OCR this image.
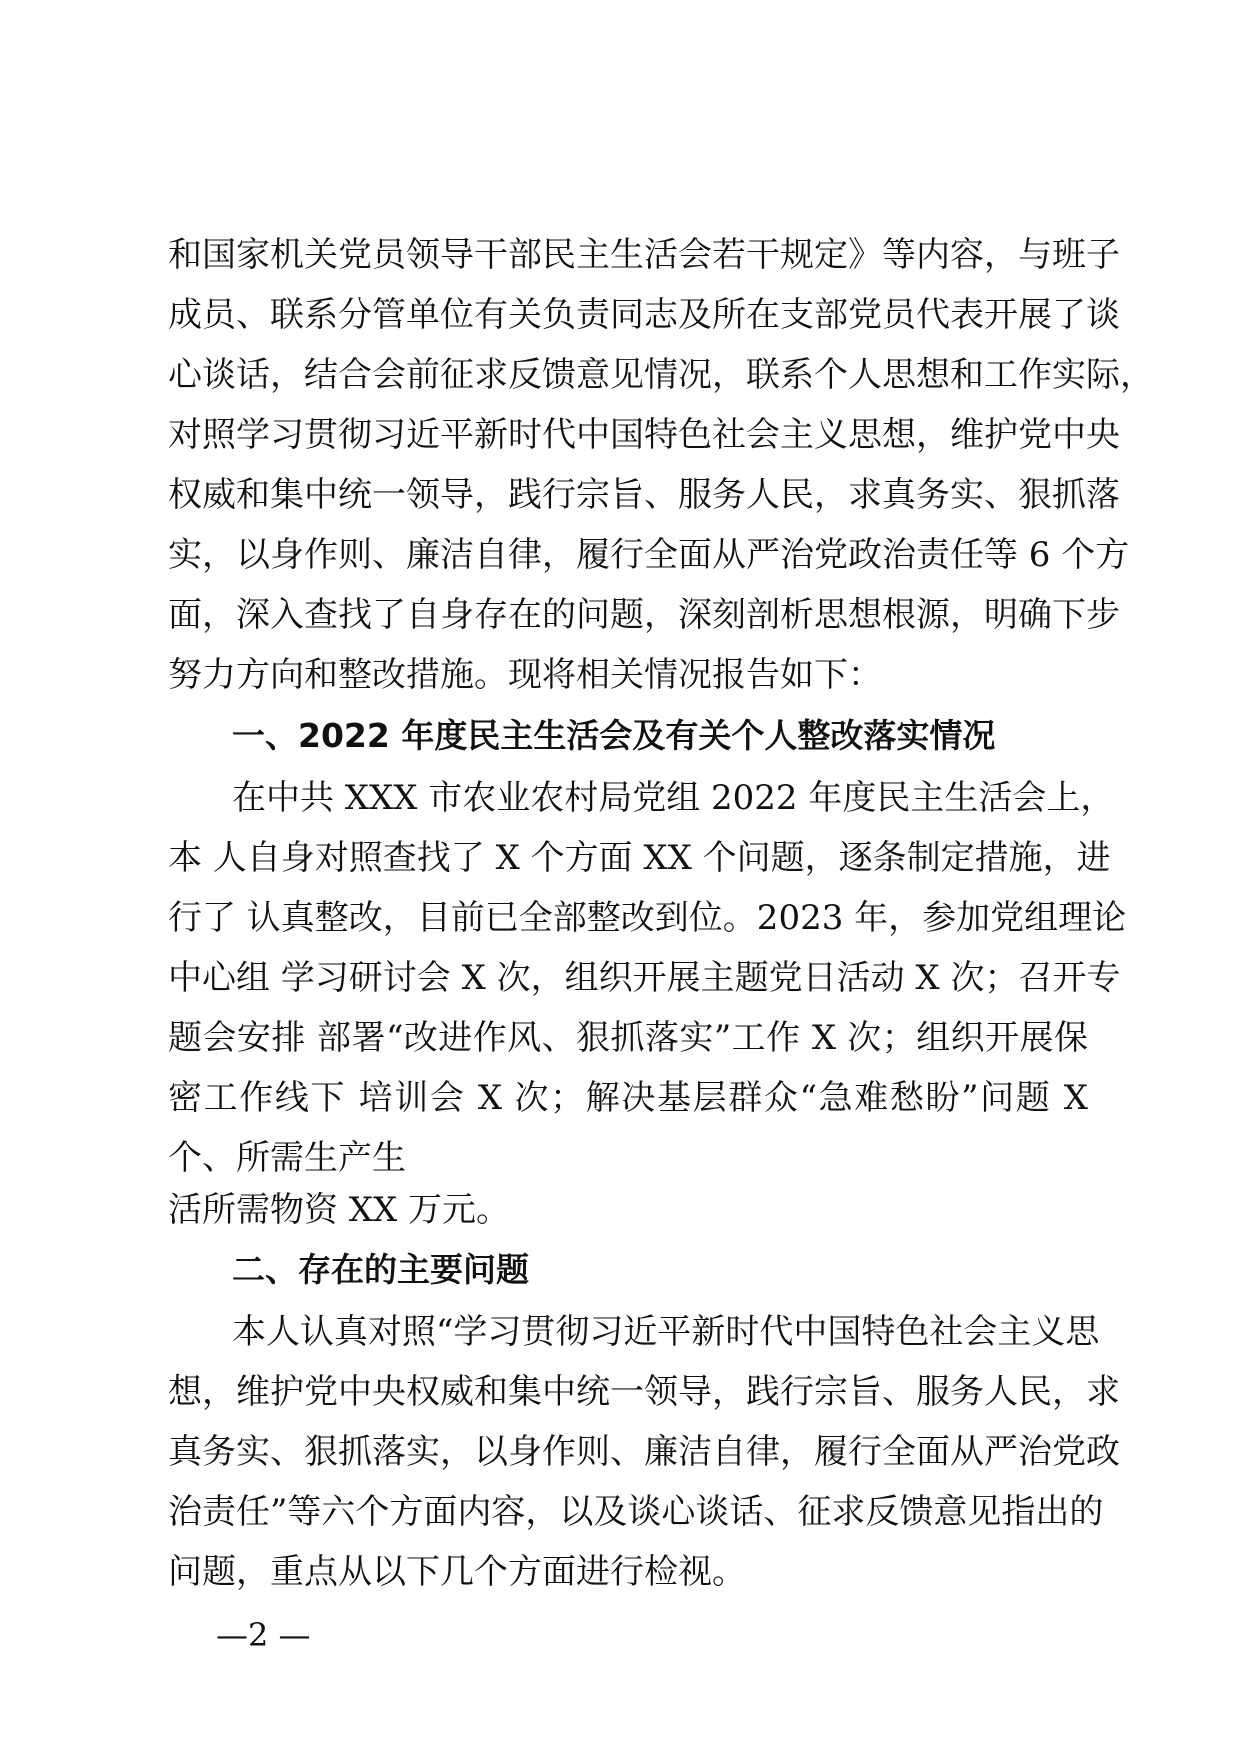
和国家机关党员领导干部民主生活会若干规定》等内容，与班子
成员、联系分管单位有关负责同志及所在支部党员代表开展了谈
心谈话，结合会前征求反馈意见情况，联系个人思想和工作实际，
对照学习贯彻习近平新时代中国特色社会主义思想，维护党中央
权威和集中统一领导，践行宗旨、服务人民，求真务实、狠抓落
实，以身作则、廉洁自律，履行全面从严治党政治责任等 6 个方
面，深入查找了自身存在的问题，深刻剖析思想根源，明确下步
努力方向和整改措施。现将相关情况报告如下：
一、2022 年度民主生活会及有关个人整改落实情况
在中共 XXX 市农业农村局党组 2022 年度民主生活会上，
本 人自身对照查找了 X 个方面 XX 个问题，逐条制定措施，进
行了 认真整改，目前已全部整改到位。2023 年，参加党组理论
中心组 学习研讨会 X 次，组织开展主题党日活动 X 次；召开专
题会安排 部署“改进作风、狠抓落实”工作 X 次；组织开展保
密工作线下 培训会 X 次；解决基层群众“急难愁盼”问题 X
个、所需生产生
活所需物资 XX 万元。
二、存在的主要问题
本人认真对照“学习贯彻习近平新时代中国特色社会主义思
想，维护党中央权威和集中统一领导，践行宗旨、服务人民，求
真务实、狠抓落实，以身作则、廉洁自律，履行全面从严治党政
治责任”等六个方面内容，以及谈心谈话、征求反馈意见指出的
问题，重点从以下几个方面进行检视。
—2 —
